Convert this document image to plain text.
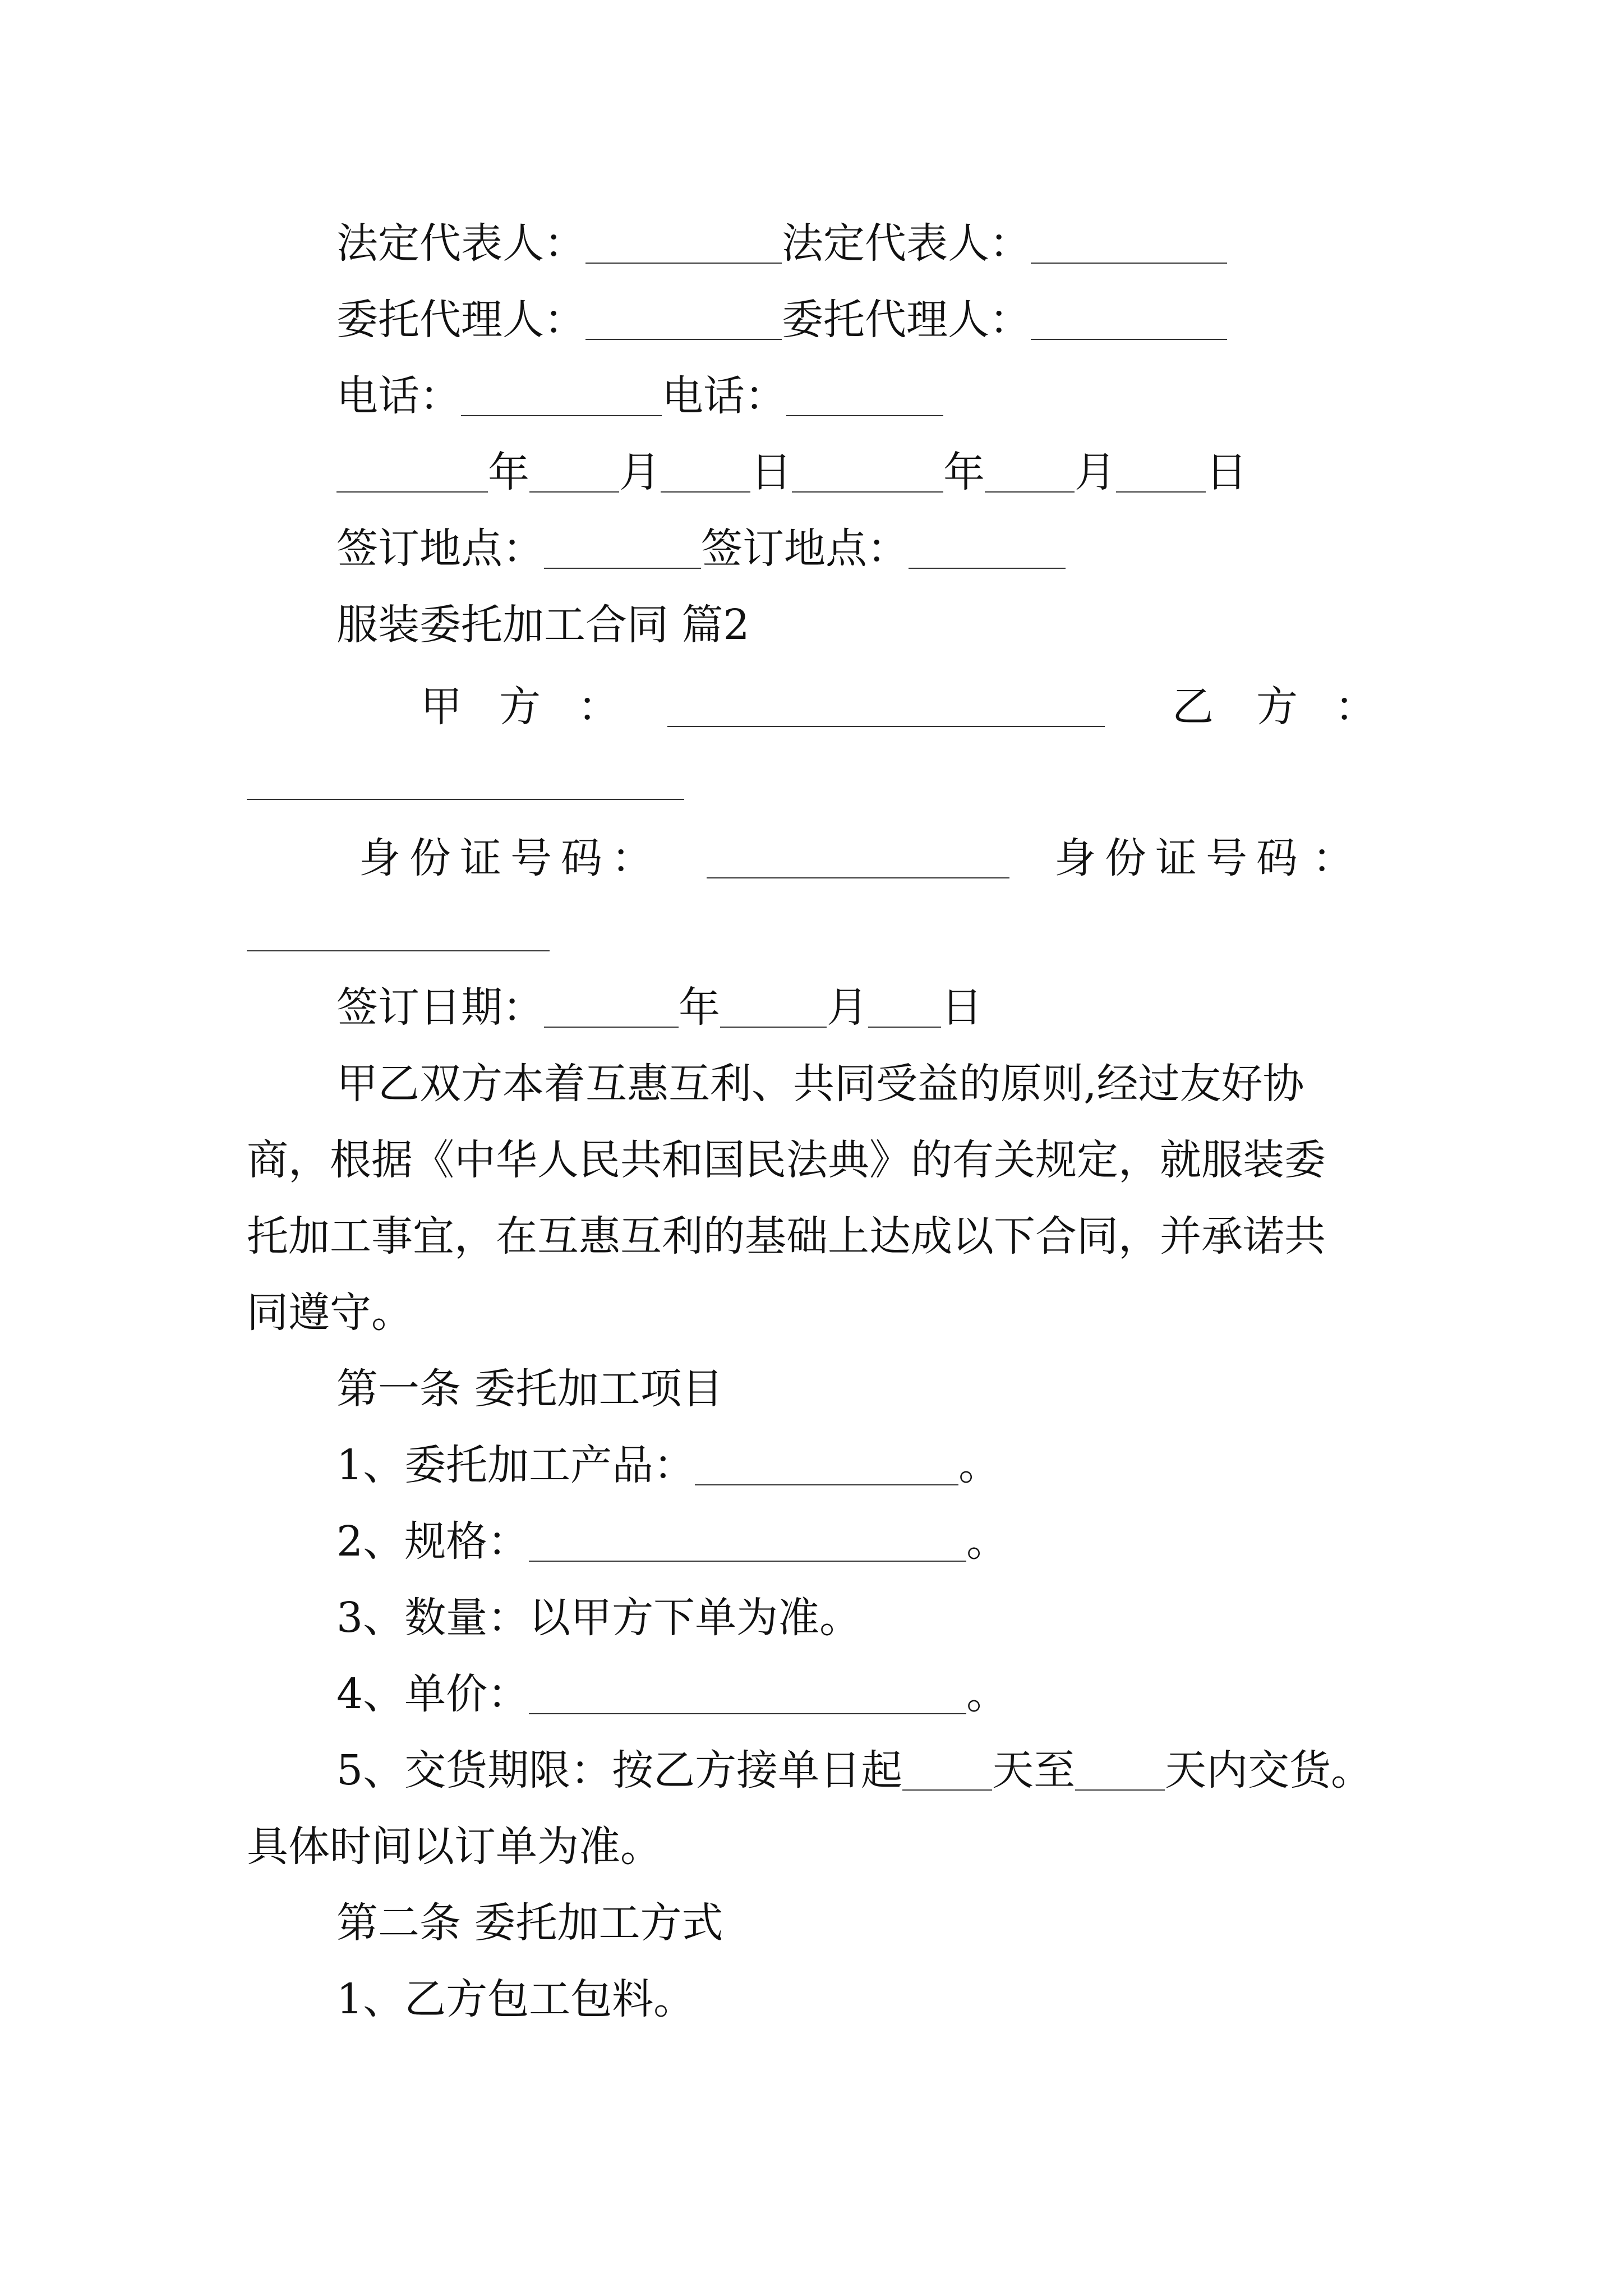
法定代表人：	法定代表人：
委托代理人：	委托代理人：
电话：	电话：
年 月 日	年 月 日
签订地点：	签订地点：
服装委托加工合同 篇2
甲 方 ：	乙 方 ：
身 份 证 号 码 ：	身 份 证 号 码 ：
签订日期：	年	月 日
甲乙双方本着互惠互利、共同受益的原则,经过友好协
商，根据《中华人民共和国民法典》的有关规定，就服装委
托加工事宜，在互惠互利的基础上达成以下合同，并承诺共
同遵守。
第一条 委托加工项目
1、委托加工产品：	。
2、规格：	。
3、数量：以甲方下单为准。
4、单价：	。
5、交货期限：按乙方接单日起 天至 天内交货。
具体时间以订单为准。
第二条 委托加工方式
1、乙方包工包料。
